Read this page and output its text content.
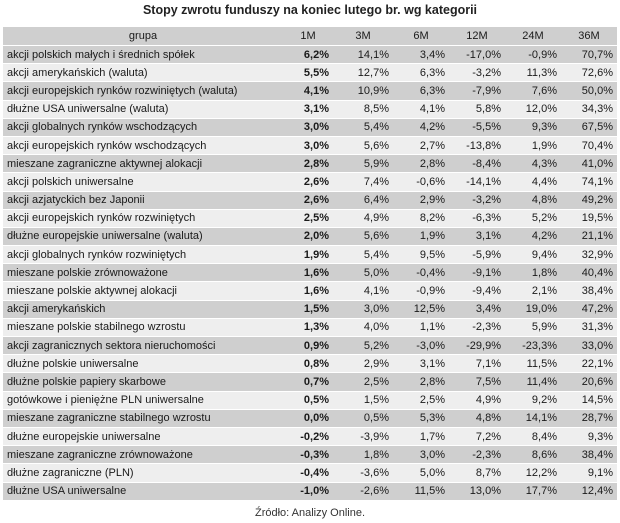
Stopy zwrotu funduszy na koniec lutego br. wg kategorii
grupa	1M	3M	6M	12M	24M	36M
akcji polskich małych i średnich spółek	6,2%	14,1%	3,4%	-17,0%	-0,9%	70,7%
akcji amerykańskich (waluta)	5,5%	12,7%	6,3%	-3,2%	11,3%	72,6%
akcji europejskich rynków rozwiniętych (waluta)	4,1%	10,9%	6,3%	-7,9%	7,6%	50,0%
dłużne USA uniwersalne (waluta)	3,1%	8,5%	4,1%	5,8%	12,0%	34,3%
akcji globalnych rynków wschodzących	3,0%	5,4%	4,2%	-5,5%	9,3%	67,5%
akcji europejskich rynków wschodzących	3,0%	5,6%	2,7%	-13,8%	1,9%	70,4%
mieszane zagraniczne aktywnej alokacji	2,8%	5,9%	2,8%	-8,4%	4,3%	41,0%
akcji polskich uniwersalne	2,6%	7,4%	-0,6%	-14,1%	4,4%	74,1%
akcji azjatyckich bez Japonii	2,6%	6,4%	2,9%	-3,2%	4,8%	49,2%
akcji europejskich rynków rozwiniętych	2,5%	4,9%	8,2%	-6,3%	5,2%	19,5%
dłużne europejskie uniwersalne (waluta)	2,0%	5,6%	1,9%	3,1%	4,2%	21,1%
akcji globalnych rynków rozwiniętych	1,9%	5,4%	9,5%	-5,9%	9,4%	32,9%
mieszane polskie zrównoważone	1,6%	5,0%	-0,4%	-9,1%	1,8%	40,4%
mieszane polskie aktywnej alokacji	1,6%	4,1%	-0,9%	-9,4%	2,1%	38,4%
akcji amerykańskich	1,5%	3,0%	12,5%	3,4%	19,0%	47,2%
mieszane polskie stabilnego wzrostu	1,3%	4,0%	1,1%	-2,3%	5,9%	31,3%
akcji zagranicznych sektora nieruchomości	0,9%	5,2%	-3,0%	-29,9%	-23,3%	33,0%
dłużne polskie uniwersalne	0,8%	2,9%	3,1%	7,1%	11,5%	22,1%
dłużne polskie papiery skarbowe	0,7%	2,5%	2,8%	7,5%	11,4%	20,6%
gotówkowe i pieniężne PLN uniwersalne	0,5%	1,5%	2,5%	4,9%	9,2%	14,5%
mieszane zagraniczne stabilnego wzrostu	0,0%	0,5%	5,3%	4,8%	14,1%	28,7%
dłużne europejskie uniwersalne	-0,2%	-3,9%	1,7%	7,2%	8,4%	9,3%
mieszane zagraniczne zrównoważone	-0,3%	1,8%	3,0%	-2,3%	8,6%	38,4%
dłużne zagraniczne (PLN)	-0,4%	-3,6%	5,0%	8,7%	12,2%	9,1%
dłużne USA uniwersalne	-1,0%	-2,6%	11,5%	13,0%	17,7%	12,4%
Źródło: Analizy Online.
